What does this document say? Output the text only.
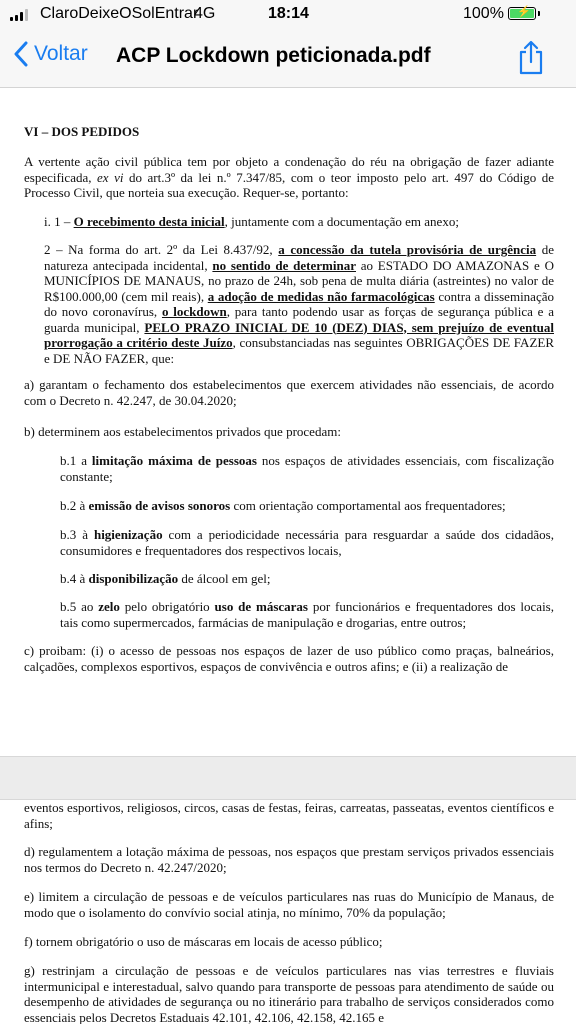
ClaroDeixeOSolEntrar
4G	18:14	100% ⚡
Voltar ACP Lockdown peticionada.pdf
VI – DOS PEDIDOS

A vertente ação civil pública tem por objeto a condenação do réu na obrigação de fazer adiante especificada, ex vi do art.3º da lei n.º 7.347/85, com o teor imposto pelo art. 497 do Código de Processo Civil, que norteia sua execução. Requer-se, portanto:

i. 1 – O recebimento desta inicial, juntamente com a documentação em anexo;

2 – Na forma do art. 2º da Lei 8.437/92, a concessão da tutela provisória de urgência de natureza antecipada incidental, no sentido de determinar ao ESTADO DO AMAZONAS e O MUNICÍPIOS DE MANAUS, no prazo de 24h, sob pena de multa diária (astreintes) no valor de R$100.000,00 (cem mil reais), a adoção de medidas não farmacológicas contra a disseminação do novo coronavírus, o lockdown, para tanto podendo usar as forças de segurança pública e a guarda municipal, PELO PRAZO INICIAL DE 10 (DEZ) DIAS, sem prejuízo de eventual prorrogação a critério deste Juízo, consubstanciadas nas seguintes OBRIGAÇÕES DE FAZER e DE NÃO FAZER, que:

a) garantam o fechamento dos estabelecimentos que exercem atividades não essenciais, de acordo com o Decreto n. 42.247, de 30.04.2020;

b) determinem aos estabelecimentos privados que procedam:

b.1 a limitação máxima de pessoas nos espaços de atividades essenciais, com fiscalização constante;

b.2 à emissão de avisos sonoros com orientação comportamental aos frequentadores;

b.3 à higienização com a periodicidade necessária para resguardar a saúde dos cidadãos, consumidores e frequentadores dos respectivos locais,

b.4 à disponibilização de álcool em gel;

b.5 ao zelo pelo obrigatório uso de máscaras por funcionários e frequentadores dos locais, tais como supermercados, farmácias de manipulação e drogarias, entre outros;

c) proibam: (i) o acesso de pessoas nos espaços de lazer de uso público como praças, balneários, calçadões, complexos esportivos, espaços de convivência e outros afins; e (ii) a realização de

eventos esportivos, religiosos, circos, casas de festas, feiras, carreatas, passeatas, eventos científicos e afins;

d) regulamentem a lotação máxima de pessoas, nos espaços que prestam serviços privados essenciais nos termos do Decreto n. 42.247/2020;

e) limitem a circulação de pessoas e de veículos particulares nas ruas do Município de Manaus, de modo que o isolamento do convívio social atinja, no mínimo, 70% da população;

f) tornem obrigatório o uso de máscaras em locais de acesso público;

g) restrinjam a circulação de pessoas e de veículos particulares nas vias terrestres e fluviais intermunicipal e interestadual, salvo quando para transporte de pessoas para atendimento de saúde ou desempenho de atividades de segurança ou no itinerário para trabalho de serviços considerados como essenciais pelos Decretos Estaduais 42.101, 42.106, 42.158, 42.165 e
